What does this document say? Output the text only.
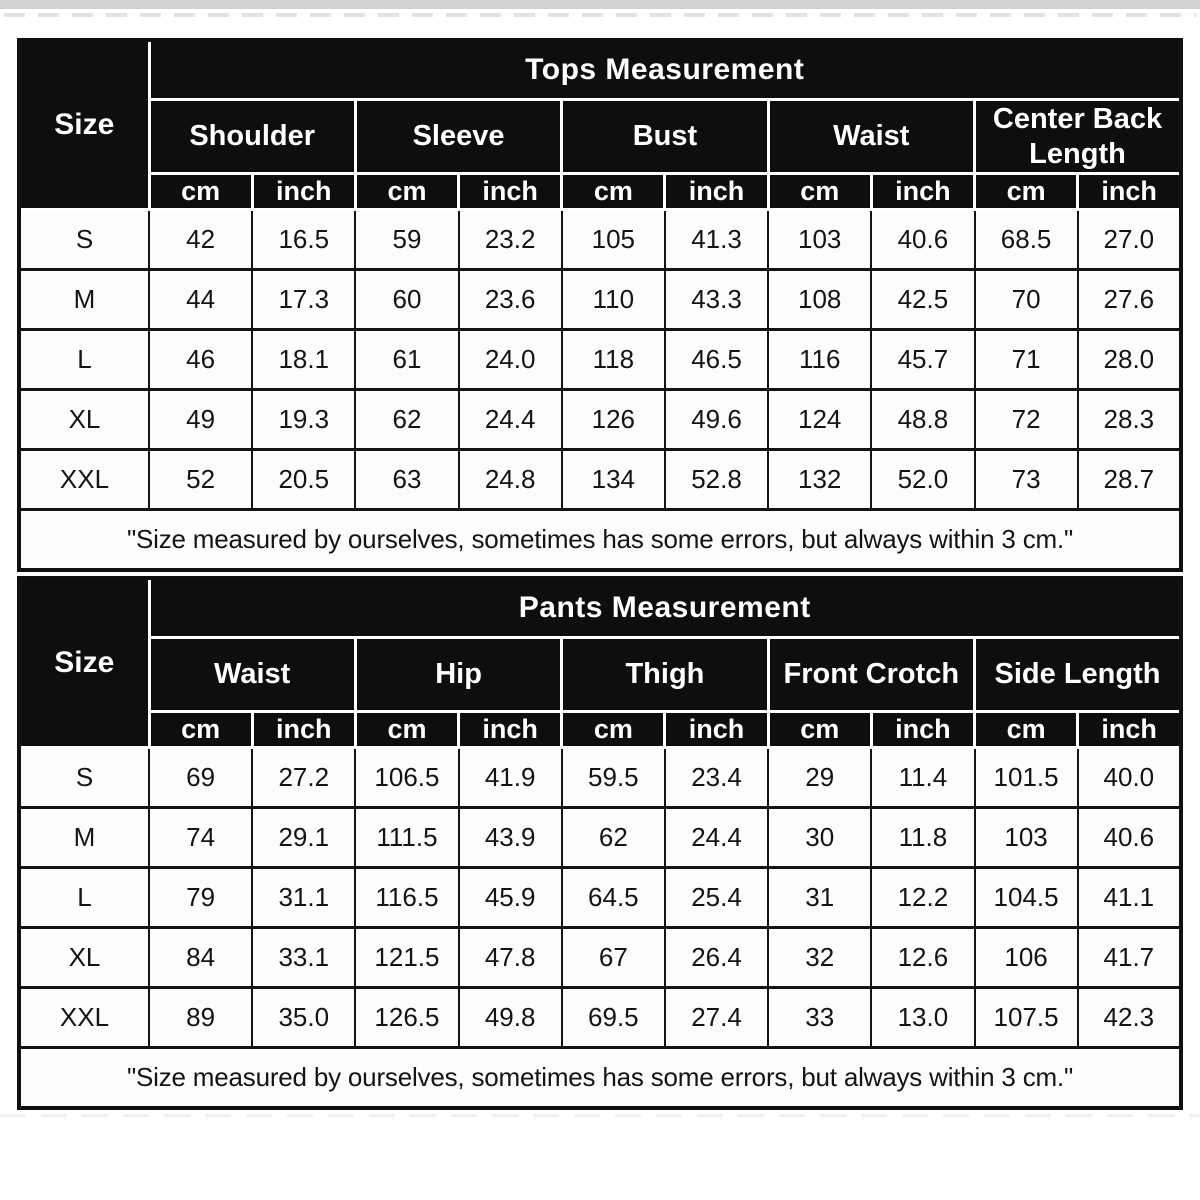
Size	Tops Measurement									
	Shoulder		Sleeve		Bust		Waist		Center Back Length	
	cm	inch	cm	inch	cm	inch	cm	inch	cm	inch
S	42	16.5	59	23.2	105	41.3	103	40.6	68.5	27.0
M	44	17.3	60	23.6	110	43.3	108	42.5	70	27.6
L	46	18.1	61	24.0	118	46.5	116	45.7	71	28.0
XL	49	19.3	62	24.4	126	49.6	124	48.8	72	28.3
XXL	52	20.5	63	24.8	134	52.8	132	52.0	73	28.7
"Size measured by ourselves, sometimes has some errors, but always within 3 cm."										
Size	Pants Measurement									
	Waist		Hip		Thigh		Front Crotch		Side Length	
	cm	inch	cm	inch	cm	inch	cm	inch	cm	inch
S	69	27.2	106.5	41.9	59.5	23.4	29	11.4	101.5	40.0
M	74	29.1	111.5	43.9	62	24.4	30	11.8	103	40.6
L	79	31.1	116.5	45.9	64.5	25.4	31	12.2	104.5	41.1
XL	84	33.1	121.5	47.8	67	26.4	32	12.6	106	41.7
XXL	89	35.0	126.5	49.8	69.5	27.4	33	13.0	107.5	42.3
"Size measured by ourselves, sometimes has some errors, but always within 3 cm."										
